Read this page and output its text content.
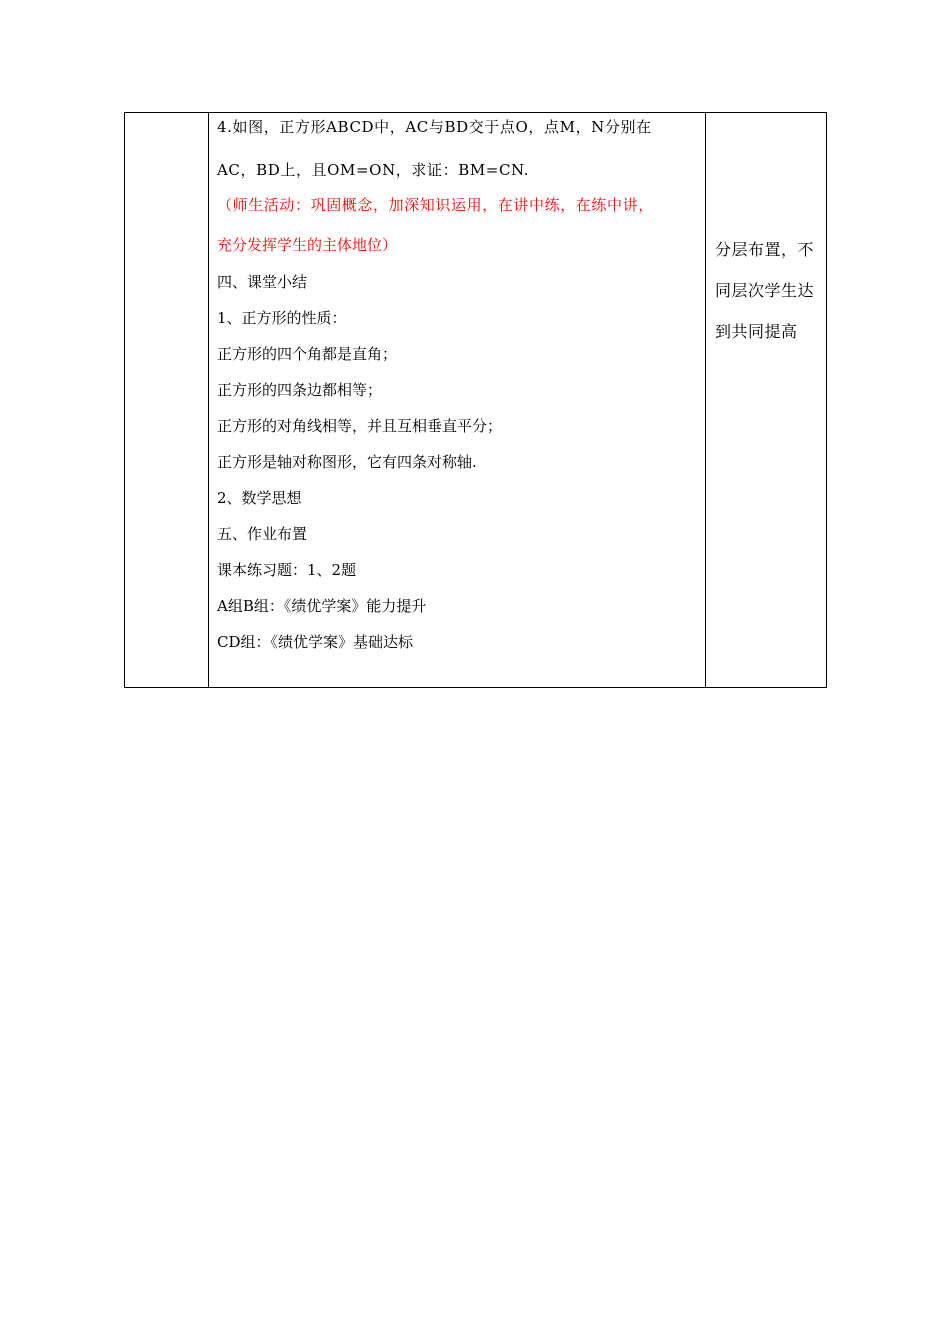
4.如图，正方形ABCD中，AC与BD交于点O，点M，N分别在
AC，BD上，且OM=ON，求证：BM=CN.
（师生活动：巩固概念，加深知识运用，在讲中练，在练中讲，
充分发挥学生的主体地位）
四、课堂小结
1、正方形的性质：
正方形的四个角都是直角；
正方形的四条边都相等；
正方形的对角线相等，并且互相垂直平分；
正方形是轴对称图形，它有四条对称轴.
2、数学思想
五、作业布置
课本练习题：1、2题
A组B组：《绩优学案》能力提升
CD组：《绩优学案》基础达标
分层布置，不
同层次学生达
到共同提高
